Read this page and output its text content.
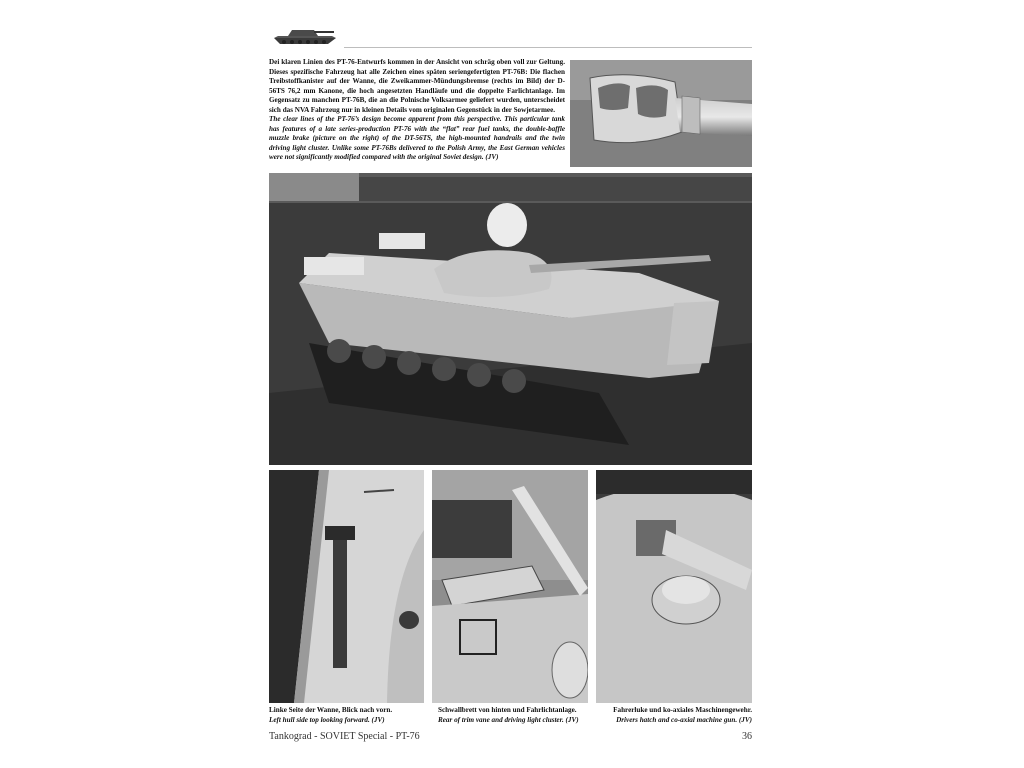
Dei klaren Linien des PT-76-Entwurfs kommen in der Ansicht von schräg oben voll zur Geltung. Dieses spezifische Fahrzeug hat alle Zeichen eines späten seriengefertigten PT-76B: Die flachen Treibstoffkanister auf der Wanne, die Zweikammer-Mündungsbremse (rechts im Bild) der D-56TS 76,2 mm Kanone, die hoch angesetzten Handläufe und die doppelte Farlichtanlage. Im Gegensatz zu manchen PT-76B, die an die Polnische Volksarmee geliefert wurden, unterscheidet sich das NVA Fahrzeug nur in kleinen Details vom originalen Gegenstück in der Sowjetarmee.
The clear lines of the PT-76’s design become apparent from this perspective. This particular tank has features of a late series-production PT-76 with the “flat” rear fuel tanks, the double-baffle muzzle brake (picture on the right) of the DT-56TS, the high-mounted handrails and the twin driving light cluster. Unlike some PT-76Bs delivered to the Polish Army, the East German vehicles were not significantly modified compared with the original Soviet design. (JV)
Linke Seite der Wanne, Blick nach vorn.
Left hull side top looking forward. (JV)
Schwallbrett von hinten und Fahrlichtanlage.
Rear of trim vane and driving light cluster. (JV)
Fahrerluke und ko-axiales Maschinengewehr.
Drivers hatch and co-axial machine gun. (JV)
Tankograd - SOVIET Special - PT-76	36
